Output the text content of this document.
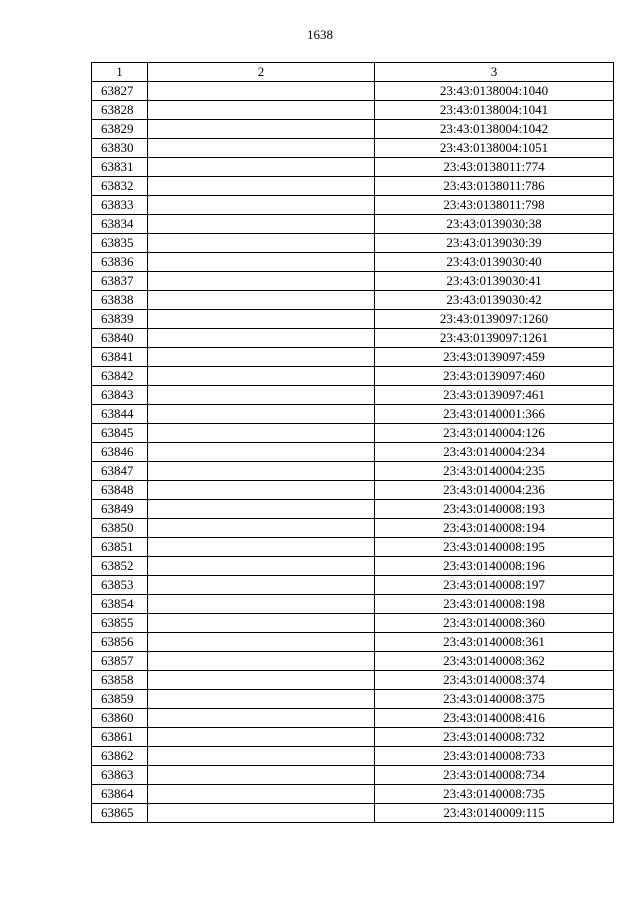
1638
1	2	3
63827		23:43:0138004:1040
63828		23:43:0138004:1041
63829		23:43:0138004:1042
63830		23:43:0138004:1051
63831		23:43:0138011:774
63832		23:43:0138011:786
63833		23:43:0138011:798
63834		23:43:0139030:38
63835		23:43:0139030:39
63836		23:43:0139030:40
63837		23:43:0139030:41
63838		23:43:0139030:42
63839		23:43:0139097:1260
63840		23:43:0139097:1261
63841		23:43:0139097:459
63842		23:43:0139097:460
63843		23:43:0139097:461
63844		23:43:0140001:366
63845		23:43:0140004:126
63846		23:43:0140004:234
63847		23:43:0140004:235
63848		23:43:0140004:236
63849		23:43:0140008:193
63850		23:43:0140008:194
63851		23:43:0140008:195
63852		23:43:0140008:196
63853		23:43:0140008:197
63854		23:43:0140008:198
63855		23:43:0140008:360
63856		23:43:0140008:361
63857		23:43:0140008:362
63858		23:43:0140008:374
63859		23:43:0140008:375
63860		23:43:0140008:416
63861		23:43:0140008:732
63862		23:43:0140008:733
63863		23:43:0140008:734
63864		23:43:0140008:735
63865		23:43:0140009:115
